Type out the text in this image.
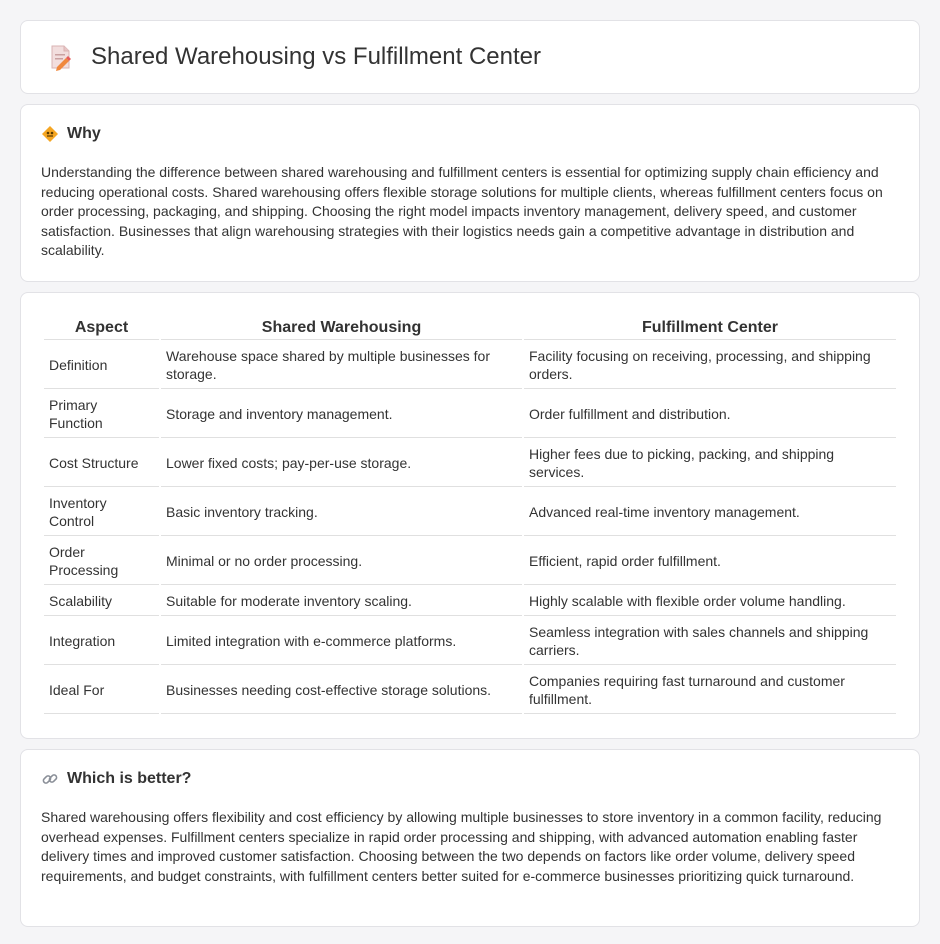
Shared Warehousing vs Fulfillment Center
Why

Understanding the difference between shared warehousing and fulfillment centers is essential for optimizing supply chain efficiency and reducing operational costs. Shared warehousing offers flexible storage solutions for multiple clients, whereas fulfillment centers focus on order processing, packaging, and shipping. Choosing the right model impacts inventory management, delivery speed, and customer satisfaction. Businesses that align warehousing strategies with their logistics needs gain a competitive advantage in distribution and scalability.

Aspect	Shared Warehousing	Fulfillment Center
Definition	Warehouse space shared by multiple businesses for storage.	Facility focusing on receiving, processing, and shipping orders.
Primary Function	Storage and inventory management.	Order fulfillment and distribution.
Cost Structure	Lower fixed costs; pay-per-use storage.	Higher fees due to picking, packing, and shipping services.
Inventory Control	Basic inventory tracking.	Advanced real-time inventory management.
Order Processing	Minimal or no order processing.	Efficient, rapid order fulfillment.
Scalability	Suitable for moderate inventory scaling.	Highly scalable with flexible order volume handling.
Integration	Limited integration with e-commerce platforms.	Seamless integration with sales channels and shipping carriers.
Ideal For	Businesses needing cost-effective storage solutions.	Companies requiring fast turnaround and customer fulfillment.
Which is better?

Shared warehousing offers flexibility and cost efficiency by allowing multiple businesses to store inventory in a common facility, reducing overhead expenses. Fulfillment centers specialize in rapid order processing and shipping, with advanced automation enabling faster delivery times and improved customer satisfaction. Choosing between the two depends on factors like order volume, delivery speed requirements, and budget constraints, with fulfillment centers better suited for e-commerce businesses prioritizing quick turnaround.
